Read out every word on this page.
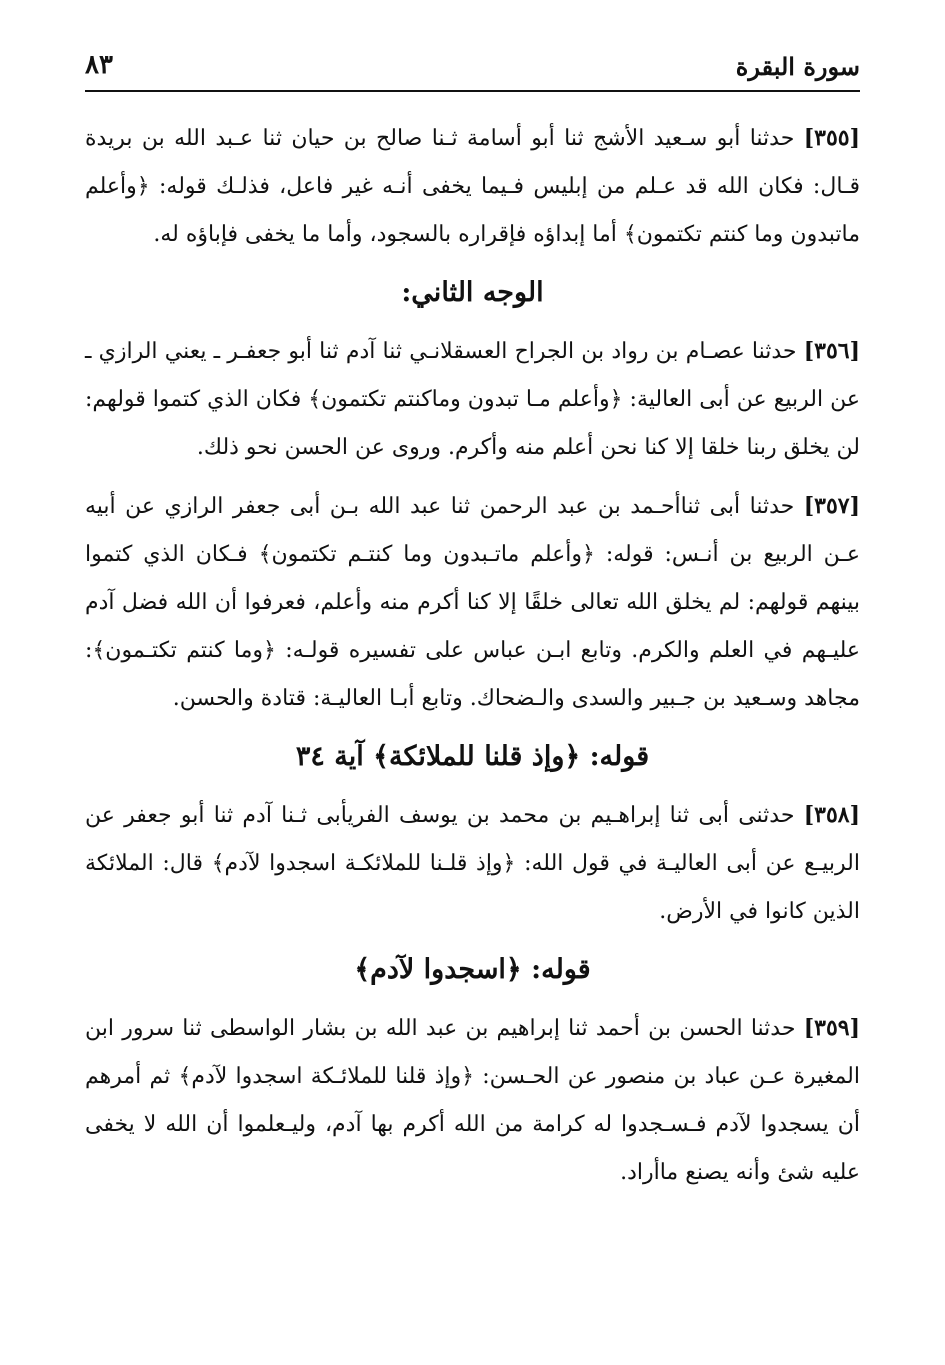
سورة البقرة
٨٣

[٣٥٥] حدثنا أبو سـعيد الأشج ثنا أبو أسامة ثـنا صالح بن حيان ثنا عـبد الله بن بريدة قـال: فكان الله قد عـلم من إبليس فـيما يخفى أنـه غير فاعل، فذلـك قوله: ﴿وأعلم ماتبدون وما كنتم تكتمون﴾ أما إبداؤه فإقراره بالسجود، وأما ما يخفى فإباؤه له.

الوجه الثاني:

[٣٥٦] حدثنا عصـام بن رواد بن الجراح العسقلانـي ثنا آدم ثنا أبو جعفـر ـ يعني الرازي ـ عن الربيع عن أبى العالية: ﴿وأعلم مـا تبدون وماكنتم تكتمون﴾ فكان الذي كتموا قولهم: لن يخلق ربنا خلقا إلا كنا نحن أعلم منه وأكرم. وروى عن الحسن نحو ذلك.

[٣٥٧] حدثنا أبى ثناأحـمد بن عبد الرحمن ثنا عبد الله بـن أبى جعفر الرازي عن أبيه عـن الربيع بن أنـس: قوله: ﴿وأعلم ماتـبدون وما كنتـم تكتمون﴾ فـكان الذي كتموا بينهم قولهم: لم يخلق الله تعالى خلقًا إلا كنا أكرم منه وأعلم، فعرفوا أن الله فضل آدم عليـهم في العلم والكرم. وتابع ابـن عباس على تفسيره قولـه: ﴿وما كنتم تكتـمون﴾: مجاهد وسـعيد بن جـبير والسدى والـضحاك. وتابع أبـا العاليـة: قتادة والحسن.

قوله: ﴿وإذ قلنا للملائكة﴾ آية ٣٤

[٣٥٨] حدثنى أبى ثنا إبراهـيم بن محمد بن يوسف الفريأبى ثـنا آدم ثنا أبو جعفر عن الربيـع عن أبى العاليـة في قول الله: ﴿وإذ قلـنا للملائكـة اسجدوا لآدم﴾ قال: الملائكة الذين كانوا في الأرض.

قوله: ﴿اسجدوا لآدم﴾

[٣٥٩] حدثنا الحسن بن أحمد ثنا إبراهيم بن عبد الله بن بشار الواسطى ثنا سرور ابن المغيرة عـن عباد بن منصور عن الحـسن: ﴿وإذ قلنا للملائـكة اسجدوا لآدم﴾ ثم أمرهم أن يسجدوا لآدم فـسـجدوا له كرامة من الله أكرم بها آدم، وليـعلموا أن الله لا يخفى عليه شئ وأنه يصنع ماأراد.
